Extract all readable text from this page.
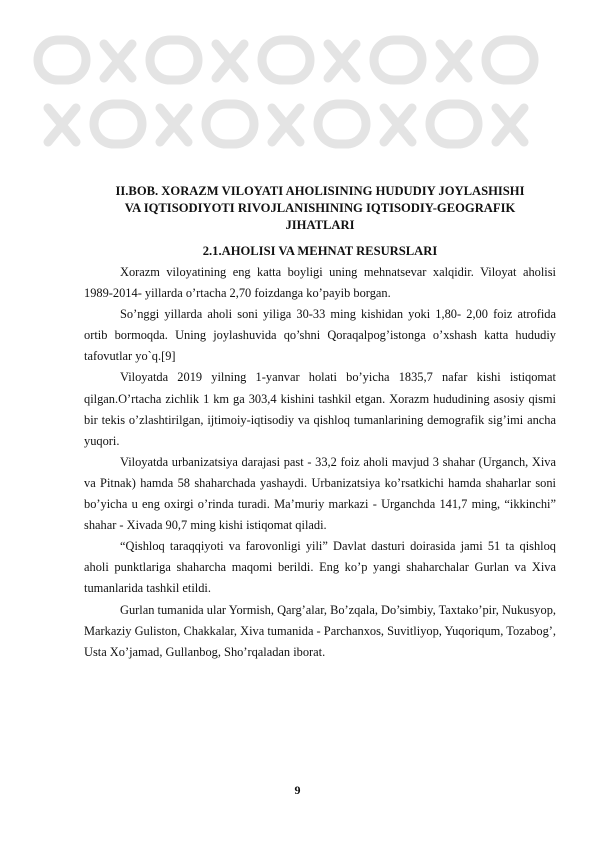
II.BOB. XORAZM VILOYATI AHOLISINING HUDUDIY JOYLASHISHI
VA IQTISODIYOTI RIVOJLANISHINING IQTISODIY-GEOGRAFIK
JIHATLARI
2.1.AHOLISI VA MEHNAT RESURSLARI

Xorazm viloyatining eng katta boyligi uning mehnatsevar xalqidir. Viloyat aholisi 1989-2014- yillarda o’rtacha 2,70 foizdanga ko’payib borgan.

So’nggi yillarda aholi soni yiliga 30-33 ming kishidan yoki 1,80- 2,00 foiz atrofida ortib bormoqda. Uning joylashuvida qo’shni Qoraqalpog’istonga o’xshash katta hududiy tafovutlar yo`q.[9]

Viloyatda 2019 yilning 1-yanvar holati bo’yicha 1835,7 nafar kishi istiqomat qilgan.O’rtacha zichlik 1 km ga 303,4 kishini tashkil etgan. Xorazm hududining asosiy qismi bir tekis o’zlashtirilgan, ijtimoiy-iqtisodiy va qishloq tumanlarining demografik sig’imi ancha yuqori.

Viloyatda urbanizatsiya darajasi past - 33,2 foiz aholi mavjud 3 shahar (Urganch, Xiva va Pitnak) hamda 58 shaharchada yashaydi. Urbanizatsiya ko’rsatkichi hamda shaharlar soni bo’yicha u eng oxirgi o’rinda turadi. Ma’muriy markazi - Urganchda 141,7 ming, “ikkinchi” shahar - Xivada 90,7 ming kishi istiqomat qiladi.

“Qishloq taraqqiyoti va farovonligi yili” Davlat dasturi doirasida jami 51 ta qishloq aholi punktlariga shaharcha maqomi berildi. Eng ko’p yangi shaharchalar Gurlan va Xiva tumanlarida tashkil etildi.

Gurlan tumanida ular Yormish, Qarg’alar, Bo’zqala, Do’simbiy, Taxtako’pir, Nukusyop, Markaziy Guliston, Chakkalar, Xiva tumanida - Parchanxos, Suvitliyop, Yuqoriqum, Tozabog’, Usta Xo’jamad, Gullanbog, Sho’rqaladan iborat.

9
